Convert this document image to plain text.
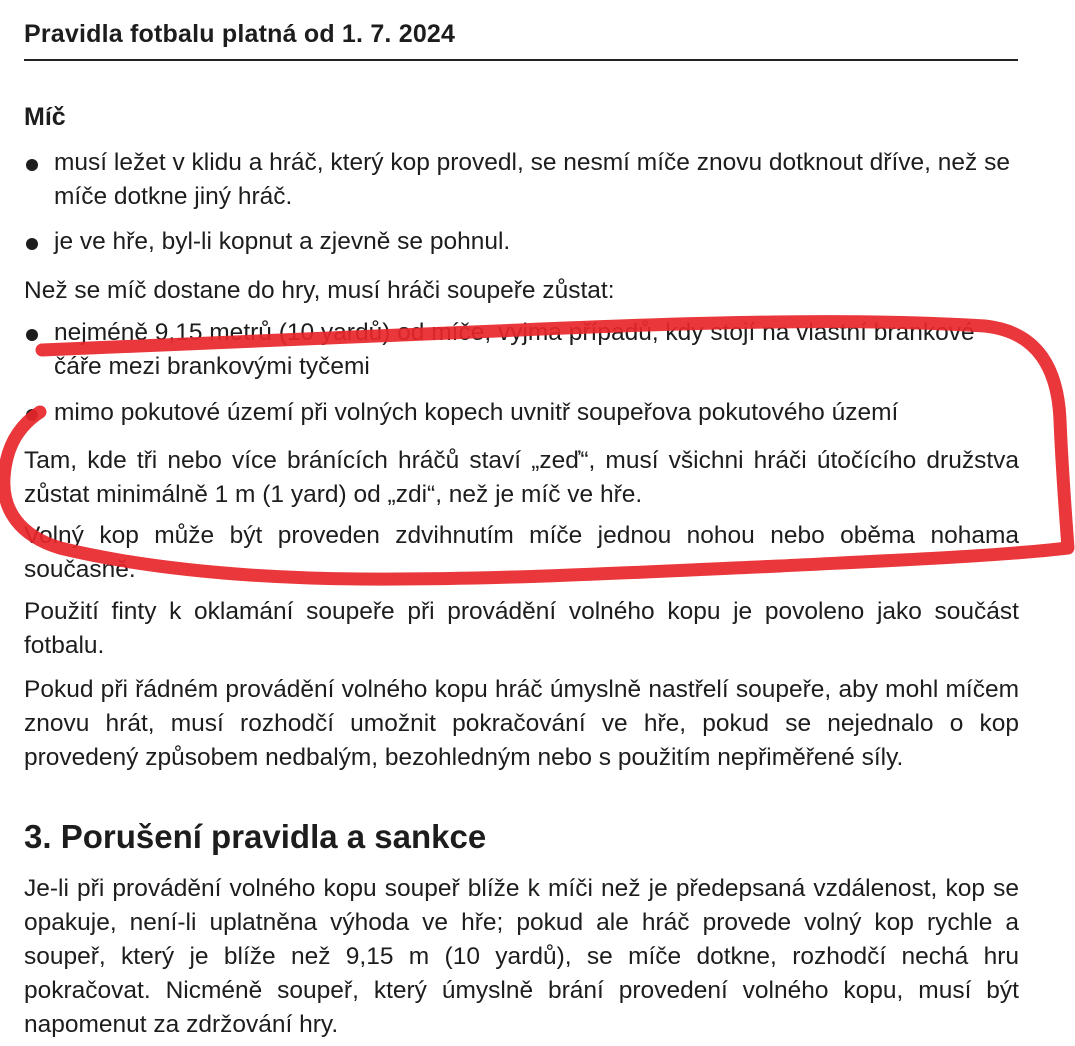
Pravidla fotbalu platná od 1. 7. 2024
Míč
musí ležet v klidu a hráč, který kop provedl, se nesmí míče znovu dotknout dříve, než se míče dotkne jiný hráč.
je ve hře, byl-li kopnut a zjevně se pohnul.
Než se míč dostane do hry, musí hráči soupeře zůstat:
nejméně 9,15 metrů (10 yardů) od míče, vyjma případů, kdy stojí na vlastní brankové čáře mezi brankovými tyčemi
mimo pokutové území při volných kopech uvnitř soupeřova pokutového území
Tam, kde tři nebo více bránících hráčů staví „zeď“, musí všichni hráči útočícího družstva zůstat minimálně 1 m (1 yard) od „zdi“, než je míč ve hře.
Volný kop může být proveden zdvihnutím míče jednou nohou nebo oběma nohama současně.
Použití finty k oklamání soupeře při provádění volného kopu je povoleno jako součást fotbalu.
Pokud při řádném provádění volného kopu hráč úmyslně nastřelí soupeře, aby mohl míčem znovu hrát, musí rozhodčí umožnit pokračování ve hře, pokud se nejednalo o kop provedený způsobem nedbalým, bezohledným nebo s použitím nepřiměřené síly.
3. Porušení pravidla a sankce
Je-li při provádění volného kopu soupeř blíže k míči než je předepsaná vzdálenost, kop se opakuje, není-li uplatněna výhoda ve hře; pokud ale hráč provede volný kop rychle a soupeř, který je blíže než 9,15 m (10 yardů), se míče dotkne, rozhodčí nechá hru pokračovat. Nicméně soupeř, který úmyslně brání provedení volného kopu, musí být napomenut za zdržování hry.
